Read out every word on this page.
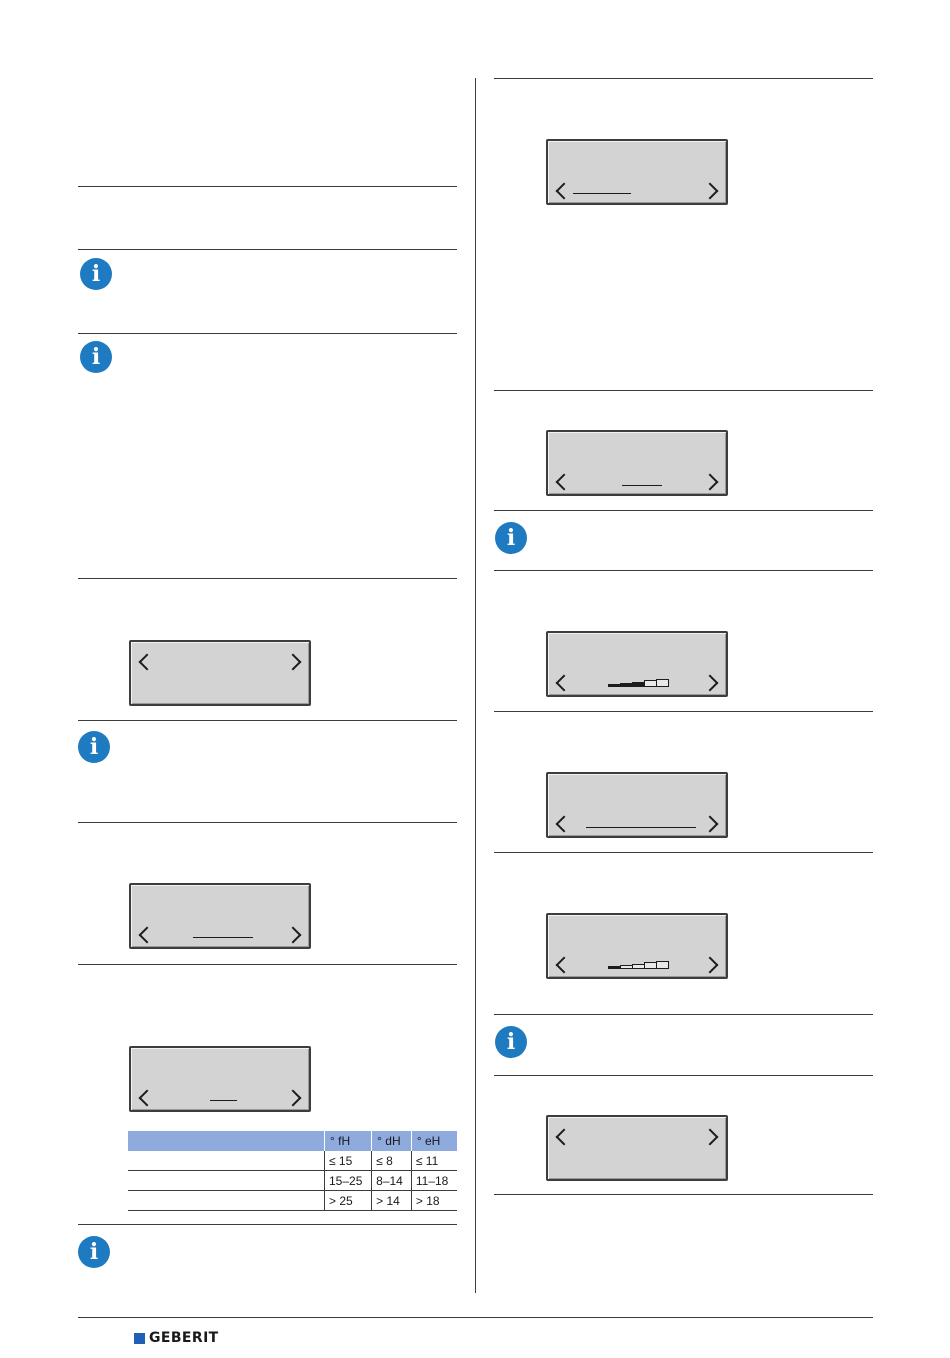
i
i
i
i
i
i
	° fH	° dH	° eH
	≤ 15	≤ 8	≤ 11
	15–25	8–14	11–18
	> 25	> 14	> 18
GEBERIT
